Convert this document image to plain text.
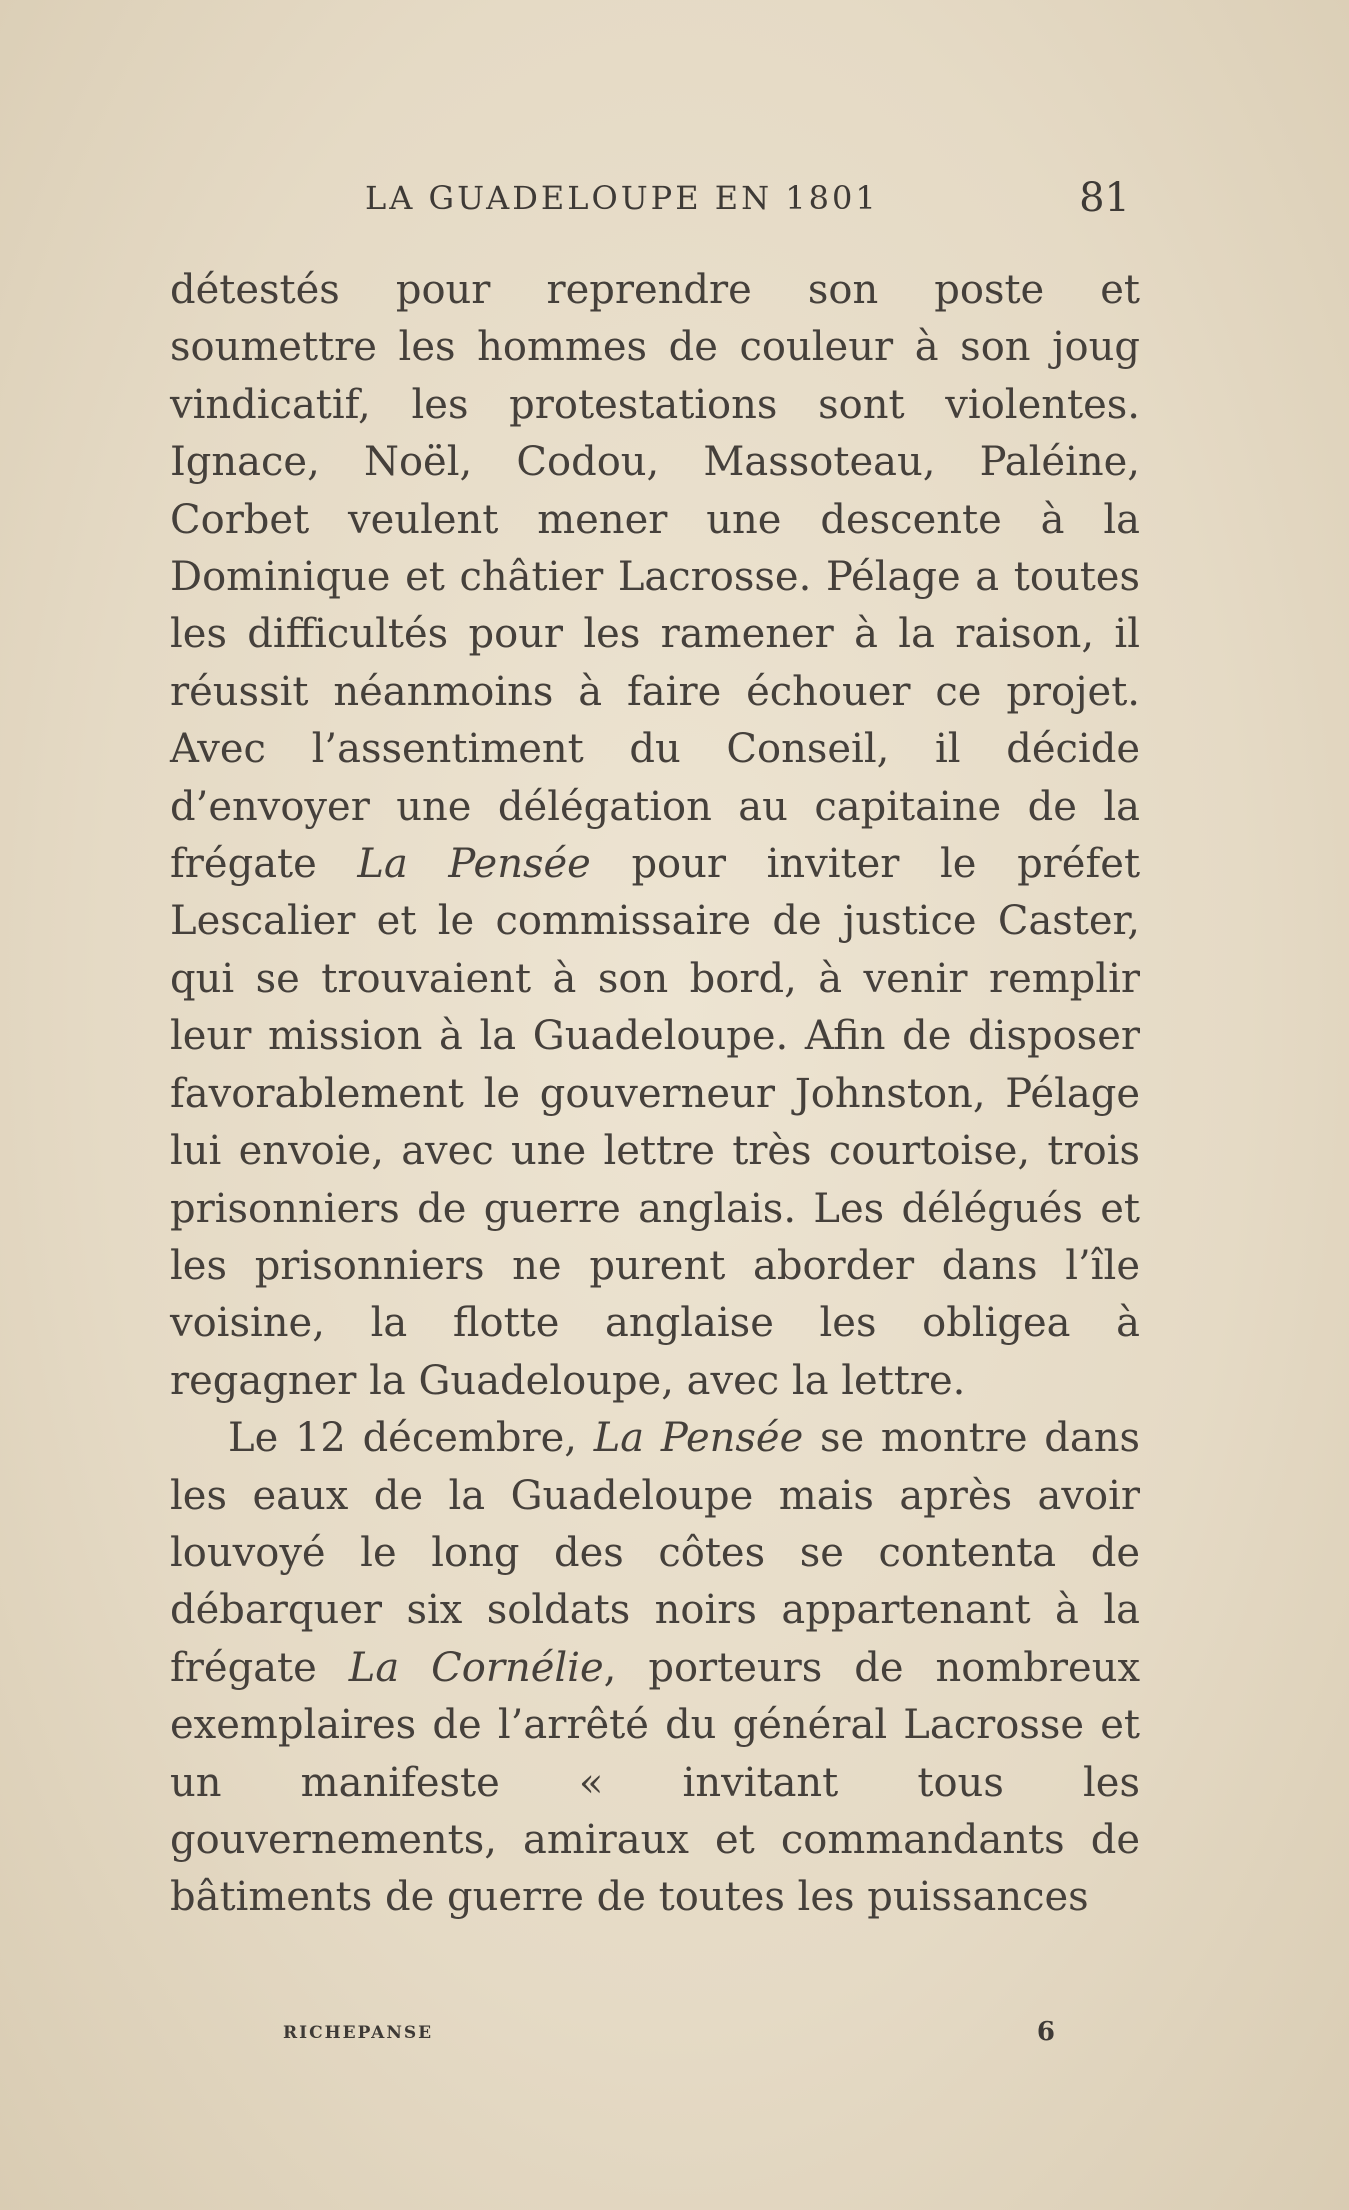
LA GUADELOUPE EN 1801	81

détestés pour reprendre son poste et soumettre les hommes de couleur à son joug vindicatif, les protestations sont violentes. Ignace, Noël, Codou, Massoteau, Paléine, Corbet veulent mener une descente à la Dominique et châtier Lacrosse. Pélage a toutes les difficultés pour les ramener à la raison, il réussit néanmoins à faire échouer ce projet. Avec l’assentiment du Conseil, il décide d’envoyer une délégation au capitaine de la frégate La Pensée pour inviter le préfet Lescalier et le commissaire de justice Caster, qui se trouvaient à son bord, à venir remplir leur mission à la Guadeloupe. Afin de disposer favorablement le gouverneur Johnston, Pélage lui envoie, avec une lettre très courtoise, trois prisonniers de guerre anglais. Les délégués et les prisonniers ne purent aborder dans l’île voisine, la flotte anglaise les obligea à regagner la Guadeloupe, avec la lettre.

Le 12 décembre, La Pensée se montre dans les eaux de la Guadeloupe mais après avoir louvoyé le long des côtes se contenta de débarquer six soldats noirs appartenant à la frégate La Cornélie, porteurs de nombreux exemplaires de l’arrêté du général Lacrosse et un manifeste « invitant tous les gouvernements, amiraux et commandants de bâtiments de guerre de toutes les puissances

RICHEPANSE	6
